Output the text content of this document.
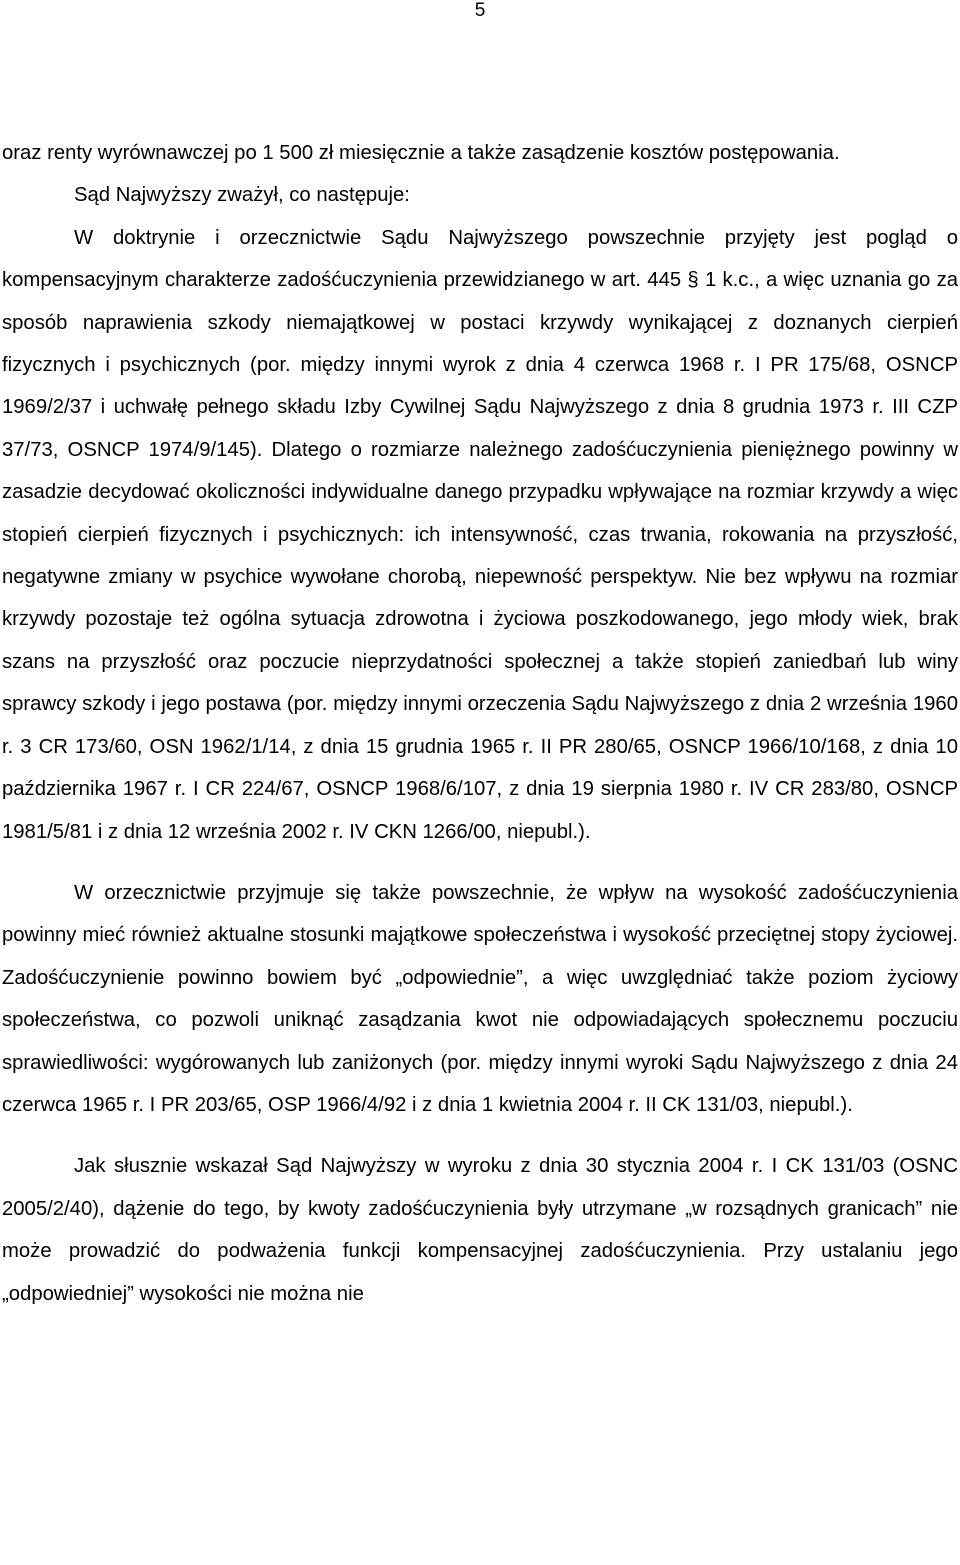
5

oraz renty wyrównawczej po 1 500 zł miesięcznie a także zasądzenie kosztów postępowania.

Sąd Najwyższy zważył, co następuje:

W doktrynie i orzecznictwie Sądu Najwyższego powszechnie przyjęty jest pogląd o kompensacyjnym charakterze zadośćuczynienia przewidzianego w art. 445 § 1 k.c., a więc uznania go za sposób naprawienia szkody niemajątkowej w postaci krzywdy wynikającej z doznanych cierpień fizycznych i psychicznych (por. między innymi wyrok z dnia 4 czerwca 1968 r. I PR 175/68, OSNCP 1969/2/37 i uchwałę pełnego składu Izby Cywilnej Sądu Najwyższego z dnia 8 grudnia 1973 r. III CZP 37/73, OSNCP 1974/9/145). Dlatego o rozmiarze należnego zadośćuczynienia pieniężnego powinny w zasadzie decydować okoliczności indywidualne danego przypadku wpływające na rozmiar krzywdy a więc stopień cierpień fizycznych i psychicznych: ich intensywność, czas trwania, rokowania na przyszłość, negatywne zmiany w psychice wywołane chorobą, niepewność perspektyw. Nie bez wpływu na rozmiar krzywdy pozostaje też ogólna sytuacja zdrowotna i życiowa poszkodowanego, jego młody wiek, brak szans na przyszłość oraz poczucie nieprzydatności społecznej a także stopień zaniedbań lub winy sprawcy szkody i jego postawa (por. między innymi orzeczenia Sądu Najwyższego z dnia 2 września 1960 r. 3 CR 173/60, OSN 1962/1/14, z dnia 15 grudnia 1965 r. II PR 280/65, OSNCP 1966/10/168, z dnia 10 października 1967 r. I CR 224/67, OSNCP 1968/6/107, z dnia 19 sierpnia 1980 r. IV CR 283/80, OSNCP 1981/5/81 i z dnia 12 września 2002 r. IV CKN 1266/00, niepubl.).

W orzecznictwie przyjmuje się także powszechnie, że wpływ na wysokość zadośćuczynienia powinny mieć również aktualne stosunki majątkowe społeczeństwa i wysokość przeciętnej stopy życiowej. Zadośćuczynienie powinno bowiem być „odpowiednie”, a więc uwzględniać także poziom życiowy społeczeństwa, co pozwoli uniknąć zasądzania kwot nie odpowiadających społecznemu poczuciu sprawiedliwości: wygórowanych lub zaniżonych (por. między innymi wyroki Sądu Najwyższego z dnia 24 czerwca 1965 r. I PR 203/65, OSP 1966/4/92 i z dnia 1 kwietnia 2004 r. II CK 131/03, niepubl.).

Jak słusznie wskazał Sąd Najwyższy w wyroku z dnia 30 stycznia 2004 r. I CK 131/03 (OSNC 2005/2/40), dążenie do tego, by kwoty zadośćuczynienia były utrzymane „w rozsądnych granicach” nie może prowadzić do podważenia funkcji kompensacyjnej zadośćuczynienia. Przy ustalaniu jego „odpowiedniej” wysokości nie można nie
